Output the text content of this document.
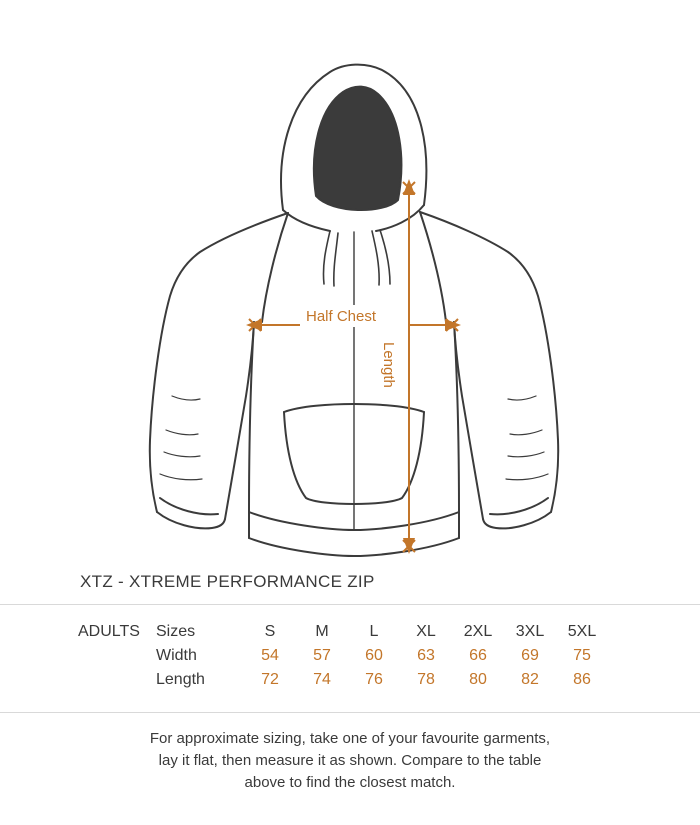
Half Chest
Length
XTZ - XTREME PERFORMANCE ZIP
ADULTS	Sizes	S	M	L	XL	2XL	3XL	5XL
	Width	54	57	60	63	66	69	75
	Length	72	74	76	78	80	82	86
For approximate sizing, take one of your favourite garments,
lay it flat, then measure it as shown. Compare to the table
above to find the closest match.
